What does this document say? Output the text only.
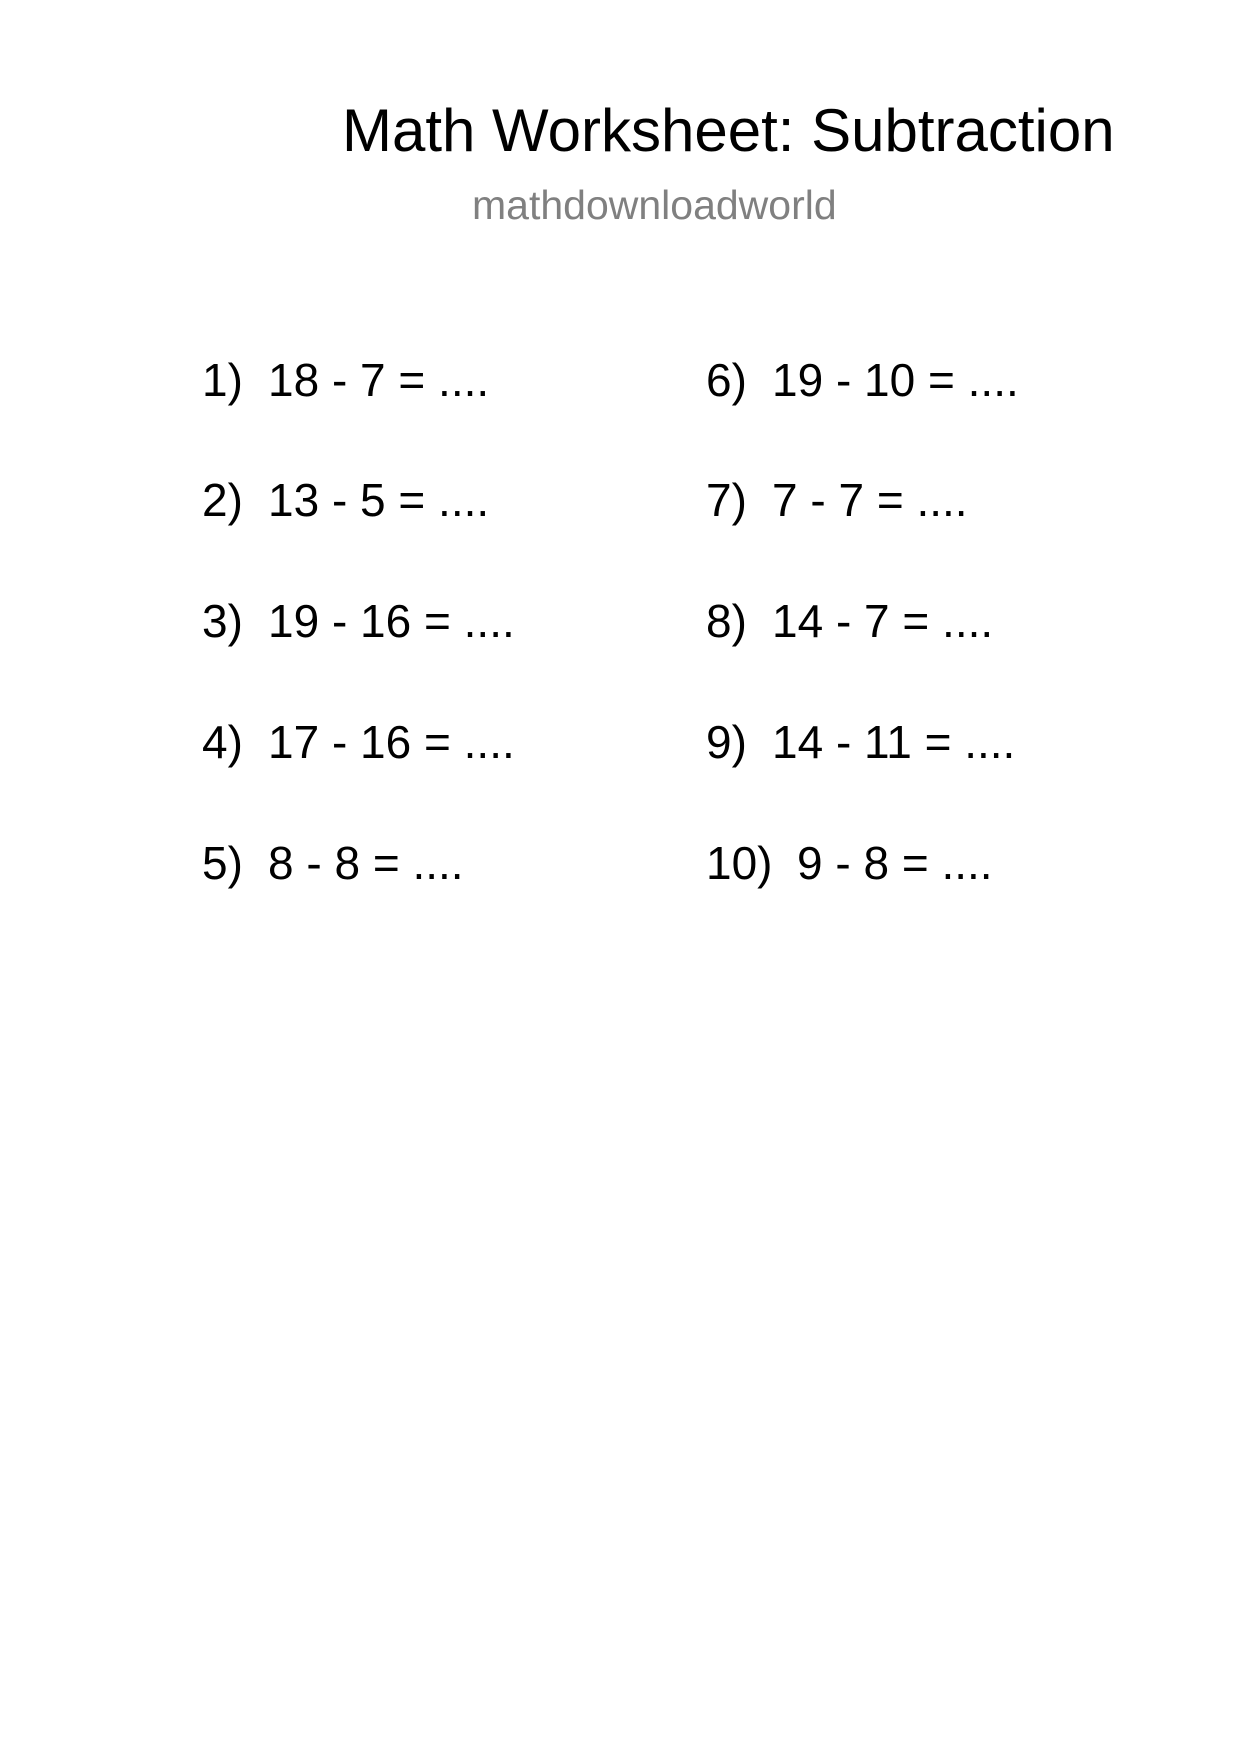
Math Worksheet: Subtraction
mathdownloadworld
1) 18 - 7 = ....
2) 13 - 5 = ....
3) 19 - 16 = ....
4) 17 - 16 = ....
5) 8 - 8 = ....
6) 19 - 10 = ....
7) 7 - 7 = ....
8) 14 - 7 = ....
9) 14 - 11 = ....
10) 9 - 8 = ....
